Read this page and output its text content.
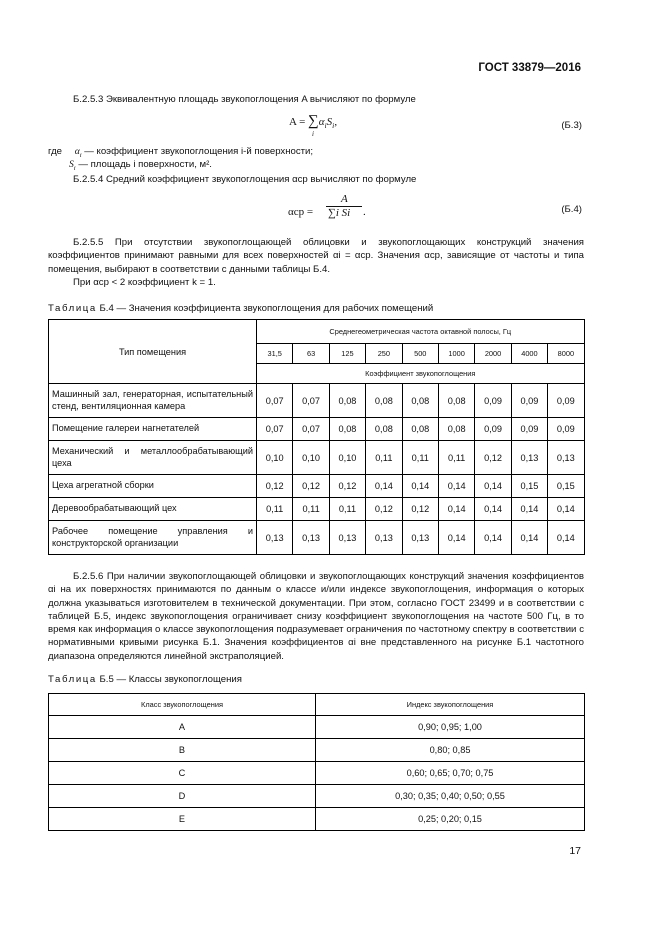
ГОСТ 33879—2016
Б.2.5.3 Эквивалентную площадь звукопоглощения A вычисляют по формуле
A = ∑
i
$\alpha_iS_i$,	(Б.3)
где $\alpha_i$ — коэффициент звукопоглощения i-й поверхности;
$S_i$ — площадь i поверхности, м².
Б.2.5.4 Средний коэффициент звукопоглощения αср вычисляют по формуле
αср =
A
∑i Si .	(Б.4)
Б.2.5.5 При отсутствии звукопоглощающей облицовки и звукопоглощающих конструкций значения коэффициентов принимают равными для всех поверхностей αi = αср. Значения αср, зависящие от частоты и типа помещения, выбирают в соответствии с данными таблицы Б.4.
При αср < 2 коэффициент k = 1.
Таблица Б.4 — Значения коэффициента звукопоглощения для рабочих помещений
Тип помещения	Среднегеометрическая частота октавной полосы, Гц								
	31,5	63	125	250	500	1000	2000	4000	8000
	Коэффициент звукопоглощения								
Машинный зал, генераторная, испытательный стенд, вентиляционная камера	0,07	0,07	0,08	0,08	0,08	0,08	0,09	0,09	0,09
Помещение галереи нагнетателей	0,07	0,07	0,08	0,08	0,08	0,08	0,09	0,09	0,09
Механический и металлообрабатывающий цеха	0,10	0,10	0,10	0,11	0,11	0,11	0,12	0,13	0,13
Цеха агрегатной сборки	0,12	0,12	0,12	0,14	0,14	0,14	0,14	0,15	0,15
Деревообрабатывающий цех	0,11	0,11	0,11	0,12	0,12	0,14	0,14	0,14	0,14
Рабочее помещение управления и конструкторской организации	0,13	0,13	0,13	0,13	0,13	0,14	0,14	0,14	0,14
Б.2.5.6 При наличии звукопоглощающей облицовки и звукопоглощающих конструкций значения коэффициентов αi на их поверхностях принимаются по данным о классе и/или индексе звукопоглощения, информация о которых должна указываться изготовителем в технической документации. При этом, согласно ГОСТ 23499 и в соответствии с таблицей Б.5, индекс звукопоглощения ограничивает снизу коэффициент звукопоглощения на частоте 500 Гц, в то время как информация о классе звукопоглощения подразумевает ограничения по частотному спектру в соответствии с нормативными кривыми рисунка Б.1. Значения коэффициентов αi вне представленного на рисунке Б.1 частотного диапазона определяются линейной экстраполяцией.
Таблица Б.5 — Классы звукопоглощения
Класс звукопоглощения	Индекс звукопоглощения
A	0,90; 0,95; 1,00
B	0,80; 0,85
C	0,60; 0,65; 0,70; 0,75
D	0,30; 0,35; 0,40; 0,50; 0,55
E	0,25; 0,20; 0,15
17
